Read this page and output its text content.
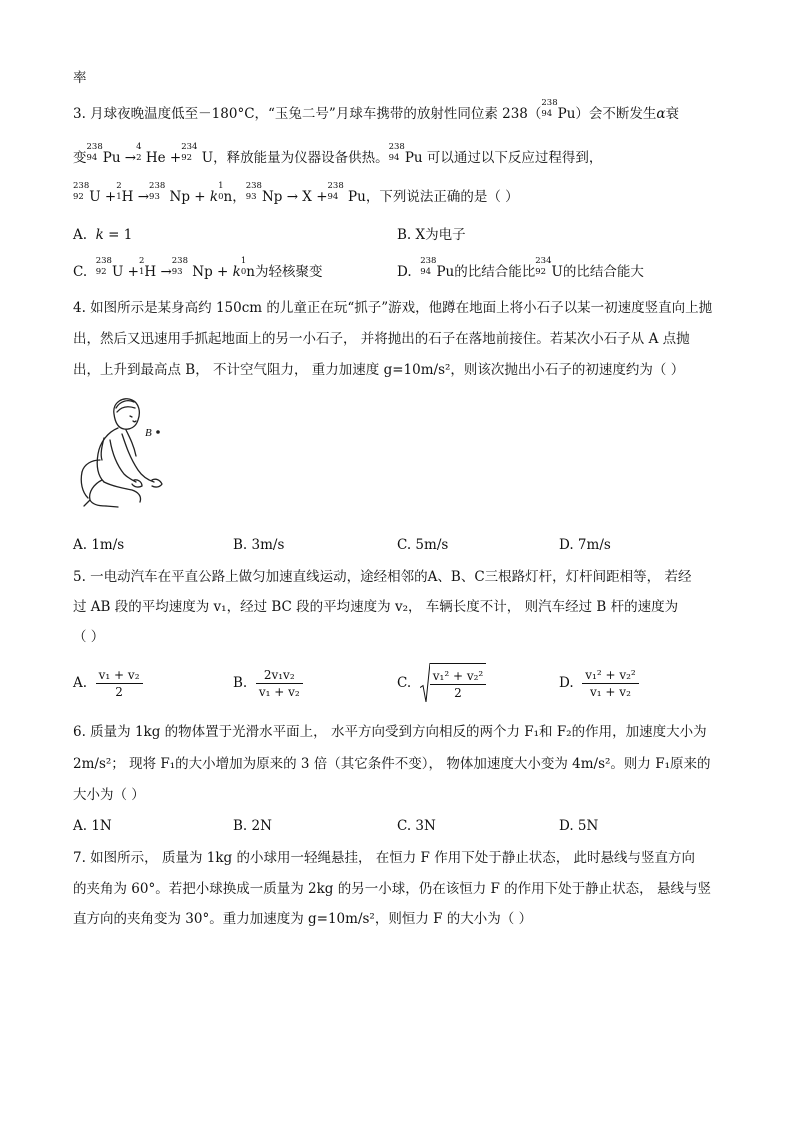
率
3. 月球夜晚温度低至－180°C，“玉兔二号”月球车携带的放射性同位素 238（
238
94 Pu）会不断发生α衰
变
238
94 Pu →
4
2 He +
234
92 U，释放能量为仪器设备供热。
238
94 Pu 可以通过以下反应过程得到，
238
92 U +
2
1 H →
238
93 Np + k
1
0 n，
238
93 Np → X +
238
94 Pu，下列说法正确的是（ ）
A. k = 1	B. X为电子
C.
238
92 U +
2
1 H →
238
93 Np + k
1
0 n为轻核聚变	D.
238
94 Pu的比结合能比
234
92 U的比结合能大
4. 如图所示是某身高约 150cm 的儿童正在玩“抓子”游戏，他蹲在地面上将小石子以某一初速度竖直向上抛
出，然后又迅速用手抓起地面上的另一小石子， 并将抛出的石子在落地前接住。若某次小石子从 A 点抛
出，上升到最高点 B， 不计空气阻力， 重力加速度 g=10m/s²，则该次抛出小石子的初速度约为（ ）
B
A. 1m/s	B. 3m/s	C. 5m/s	D. 7m/s
5. 一电动汽车在平直公路上做匀加速直线运动，途经相邻的A、B、C三根路灯杆，灯杆间距相等， 若经
过 AB 段的平均速度为 v₁，经过 BC 段的平均速度为 v₂， 车辆长度不计， 则汽车经过 B 杆的速度为
（ ）
A. $\frac{\text{v₁ + v₂}}{2}$	B. $\frac{\text{2v₁v₂}}{\text{v₁ + v₂}}$	C. $\frac{\text{v₁² + v₂²}}{2}$	D. $\frac{\text{v₁² + v₂²}}{\text{v₁ + v₂}}$
6. 质量为 1kg 的物体置于光滑水平面上， 水平方向受到方向相反的两个力 F₁和 F₂的作用，加速度大小为
2m/s²； 现将 F₁的大小增加为原来的 3 倍（其它条件不变）， 物体加速度大小变为 4m/s²。则力 F₁原来的
大小为（ ）
A. 1N	B. 2N	C. 3N	D. 5N
7. 如图所示， 质量为 1kg 的小球用一轻绳悬挂， 在恒力 F 作用下处于静止状态， 此时悬线与竖直方向
的夹角为 60°。若把小球换成一质量为 2kg 的另一小球，仍在该恒力 F 的作用下处于静止状态， 悬线与竖
直方向的夹角变为 30°。重力加速度为 g=10m/s²，则恒力 F 的大小为（ ）
